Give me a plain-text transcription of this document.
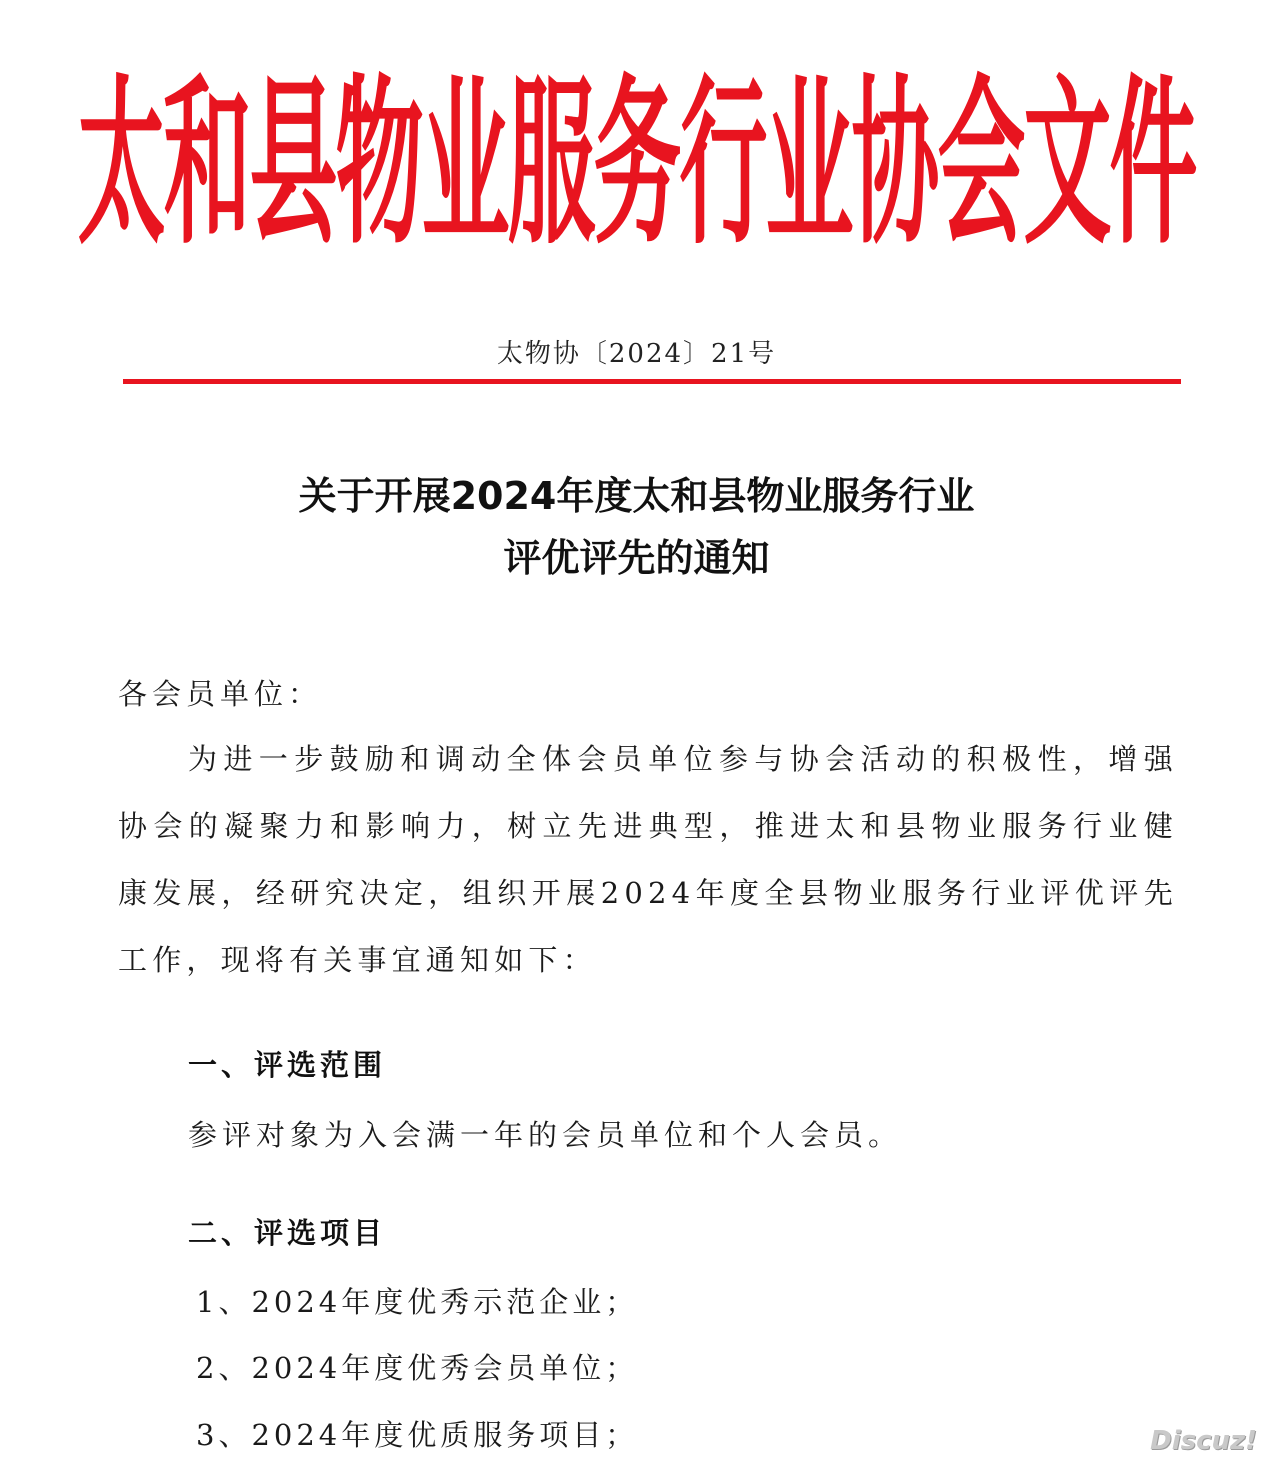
太和县物业服务行业协会文件
太物协〔2024〕21号
关于开展2024年度太和县物业服务行业
评优评先的通知
各会员单位：

为进一步鼓励和调动全体会员单位参与协会活动的积极性，增强协会的凝聚力和影响力，树立先进典型，推进太和县物业服务行业健康发展，经研究决定，组织开展2024年度全县物业服务行业评优评先工作，现将有关事宜通知如下：

一、评选范围
参评对象为入会满一年的会员单位和个人会员。
二、评选项目
1、2024年度优秀示范企业；
2、2024年度优秀会员单位；
3、2024年度优质服务项目；	Discuz!
